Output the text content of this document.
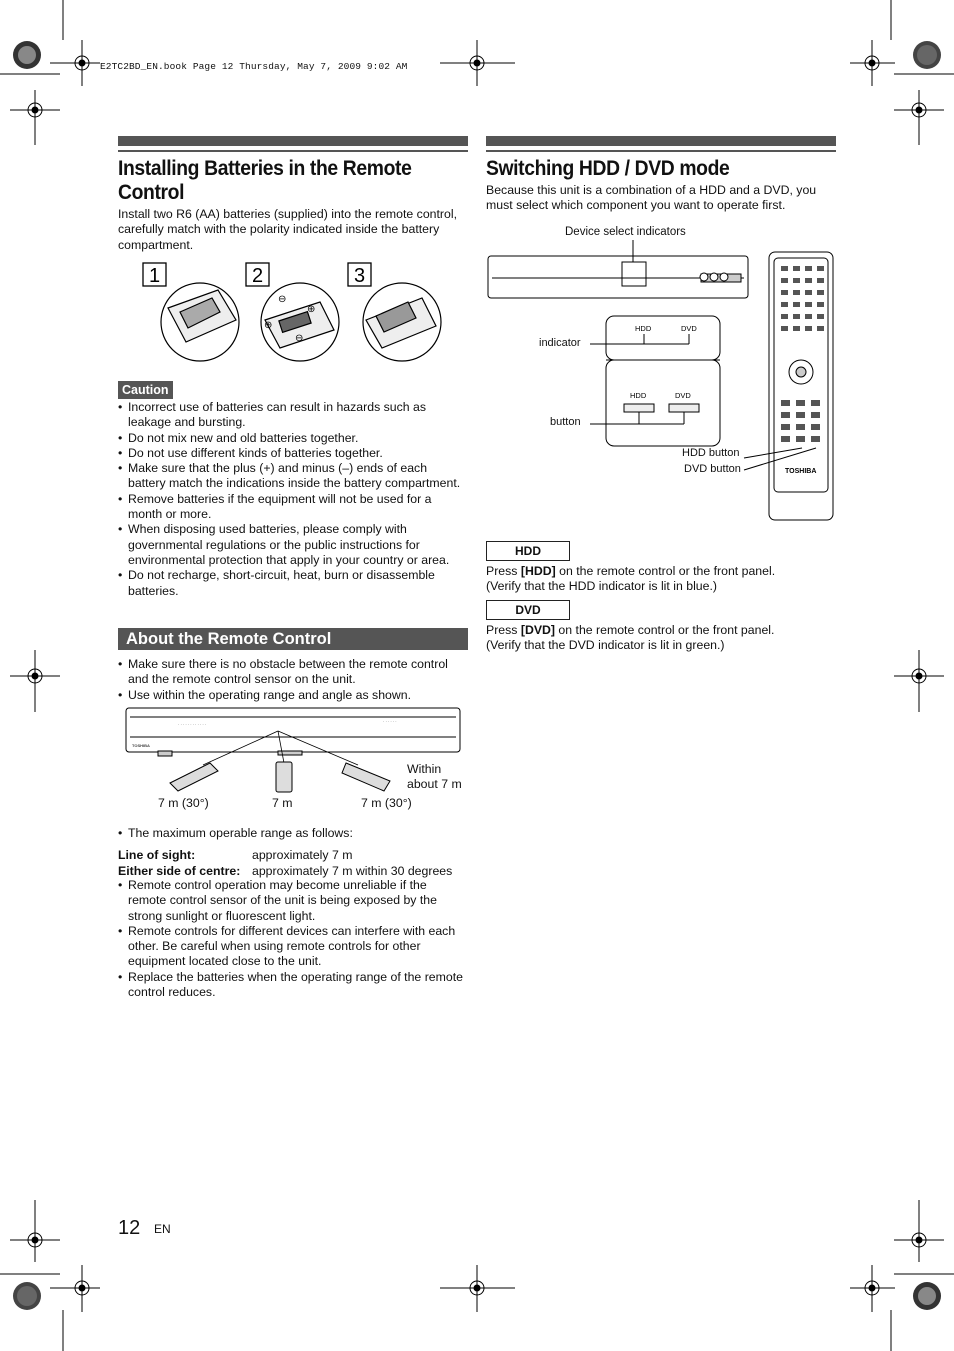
E2TC2BD_EN.book Page 12 Thursday, May 7, 2009 9:02 AM
Installing Batteries in the Remote
Control

Install two R6 (AA) batteries (supplied) into the remote control, carefully match with the polarity indicated inside the battery compartment.

1	2	3
⊖
⊕
⊕
⊖
Caution
• Incorrect use of batteries can result in hazards such as leakage and bursting.
• Do not mix new and old batteries together.
• Do not use different kinds of batteries together.
• Make sure that the plus (+) and minus (–) ends of each battery match the indications inside the battery compartment.
• Remove batteries if the equipment will not be used for a month or more.
• When disposing used batteries, please comply with governmental regulations or the public instructions for environmental protection that apply in your country or area.
• Do not recharge, short-circuit, heat, burn or disassemble batteries.
About the Remote Control
• Make sure there is no obstacle between the remote control and the remote control sensor on the unit.
• Use within the operating range and angle as shown.
· · · · · · · · · · · ·
· · · · · ·
TOSHIBA
Within
about 7 m
7 m (30°)	7 m	7 m (30°)
• The maximum operable range as follows:
Line of sight:	approximately 7 m
Either side of centre: approximately 7 m within 30 degrees
• Remote control operation may become unreliable if the remote control sensor of the unit is being exposed by the strong sunlight or fluorescent light.
• Remote controls for different devices can interfere with each other. Be careful when using remote controls for other equipment located close to the unit.
• Replace the batteries when the operating range of the remote control reduces.
Switching HDD / DVD mode

Because this unit is a combination of a HDD and a DVD, you must select which component you want to operate first.

Device select indicators
HDD	DVD
HDD	DVD
TOSHIBA
indicator
button
HDD button
DVD button
HDD
Press [HDD] on the remote control or the front panel.
(Verify that the HDD indicator is lit in blue.)
DVD
Press [DVD] on the remote control or the front panel.
(Verify that the DVD indicator is lit in green.)
12 EN
